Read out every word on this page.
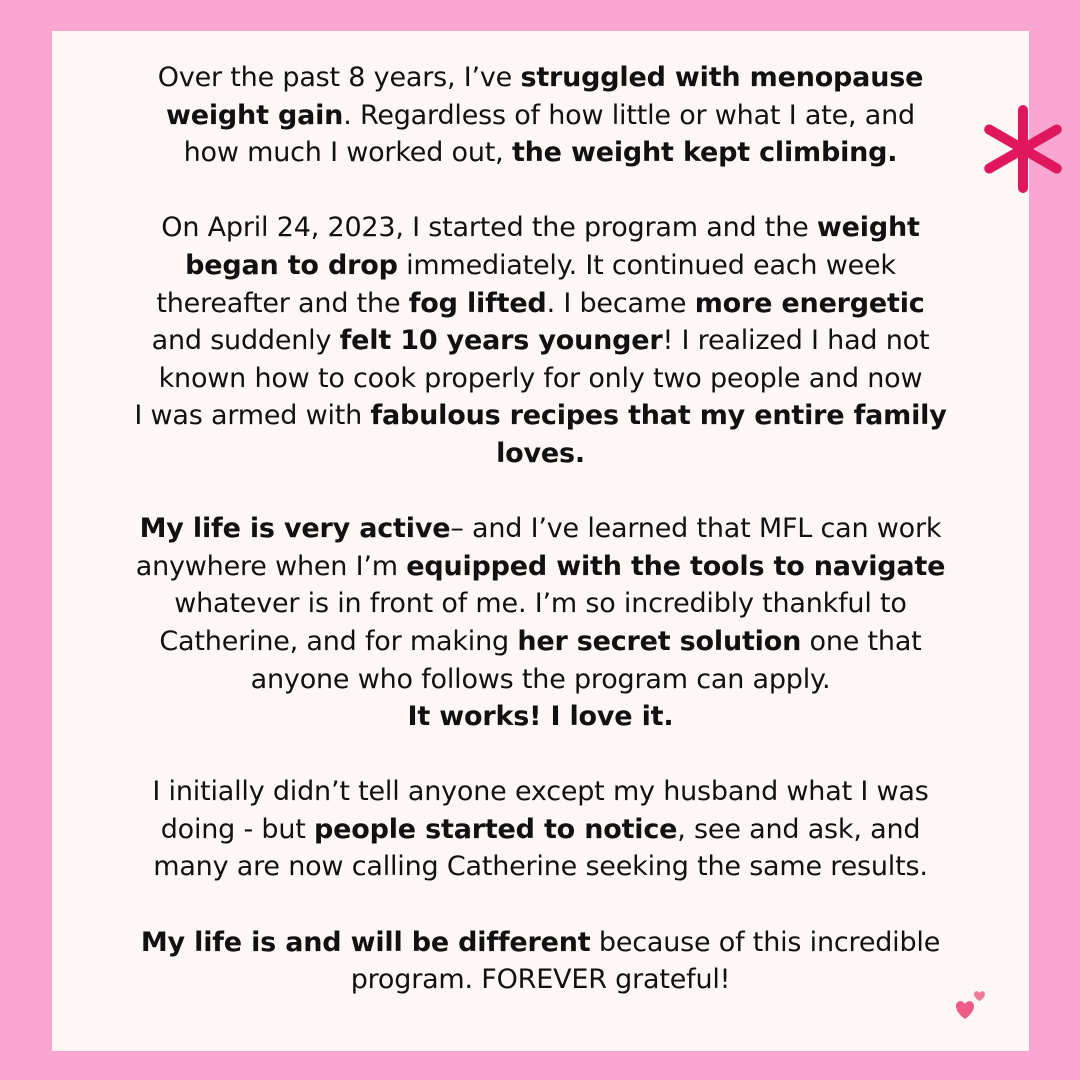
Over the past 8 years, I’ve struggled with menopause
weight gain. Regardless of how little or what I ate, and
how much I worked out, the weight kept climbing.

On April 24, 2023, I started the program and the weight
began to drop immediately. It continued each week
thereafter and the fog lifted. I became more energetic
and suddenly felt 10 years younger! I realized I had not
known how to cook properly for only two people and now
I was armed with fabulous recipes that my entire family
loves.

My life is very active– and I’ve learned that MFL can work
anywhere when I’m equipped with the tools to navigate
whatever is in front of me. I’m so incredibly thankful to
Catherine, and for making her secret solution one that
anyone who follows the program can apply.
It works! I love it.

I initially didn’t tell anyone except my husband what I was
doing - but people started to notice, see and ask, and
many are now calling Catherine seeking the same results.

My life is and will be different because of this incredible
program. FOREVER grateful!
